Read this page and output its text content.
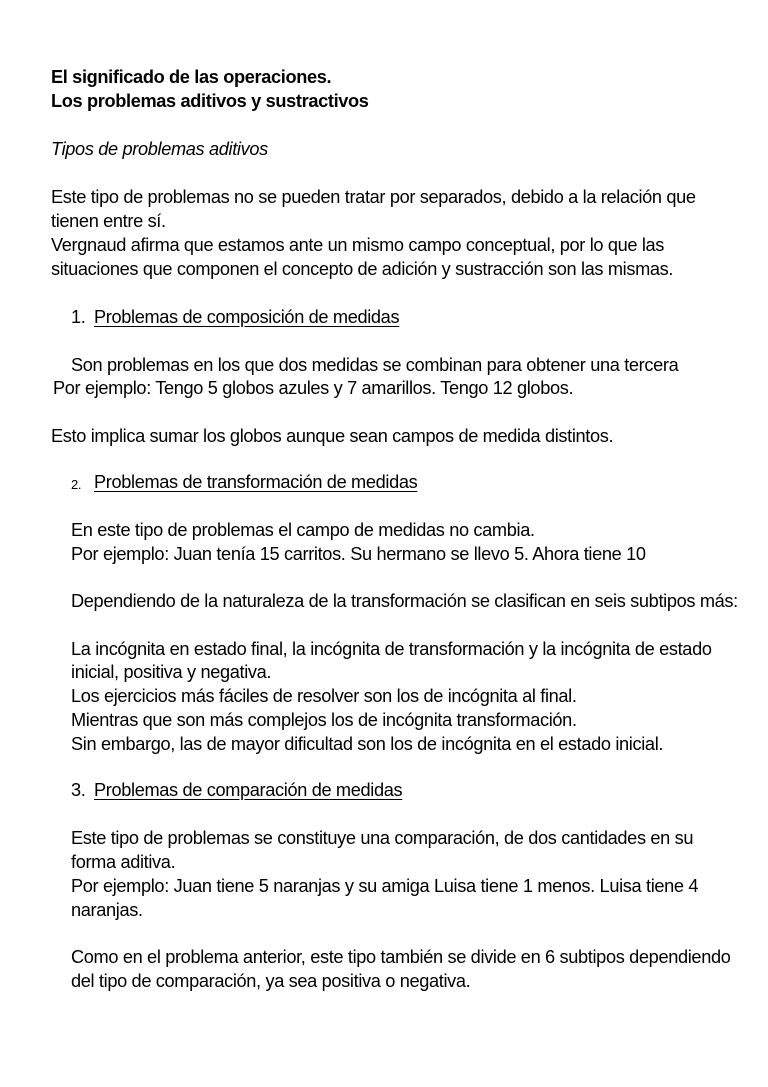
El significado de las operaciones.

Los problemas aditivos y sustractivos

Tipos de problemas aditivos

Este tipo de problemas no se pueden tratar por separados, debido a la relación que

tienen entre sí.

Vergnaud afirma que estamos ante un mismo campo conceptual, por lo que las

situaciones que componen el concepto de adición y sustracción son las mismas.

1. Problemas de composición de medidas

Son problemas en los que dos medidas se combinan para obtener una tercera

Por ejemplo: Tengo 5 globos azules y 7 amarillos. Tengo 12 globos.

Esto implica sumar los globos aunque sean campos de medida distintos.

2. Problemas de transformación de medidas

En este tipo de problemas el campo de medidas no cambia.

Por ejemplo: Juan tenía 15 carritos. Su hermano se llevo 5. Ahora tiene 10

Dependiendo de la naturaleza de la transformación se clasifican en seis subtipos más:

La incógnita en estado final, la incógnita de transformación y la incógnita de estado

inicial, positiva y negativa.

Los ejercicios más fáciles de resolver son los de incógnita al final.

Mientras que son más complejos los de incógnita transformación.

Sin embargo, las de mayor dificultad son los de incógnita en el estado inicial.

3. Problemas de comparación de medidas

Este tipo de problemas se constituye una comparación, de dos cantidades en su

forma aditiva.

Por ejemplo: Juan tiene 5 naranjas y su amiga Luisa tiene 1 menos. Luisa tiene 4

naranjas.

Como en el problema anterior, este tipo también se divide en 6 subtipos dependiendo

del tipo de comparación, ya sea positiva o negativa.
